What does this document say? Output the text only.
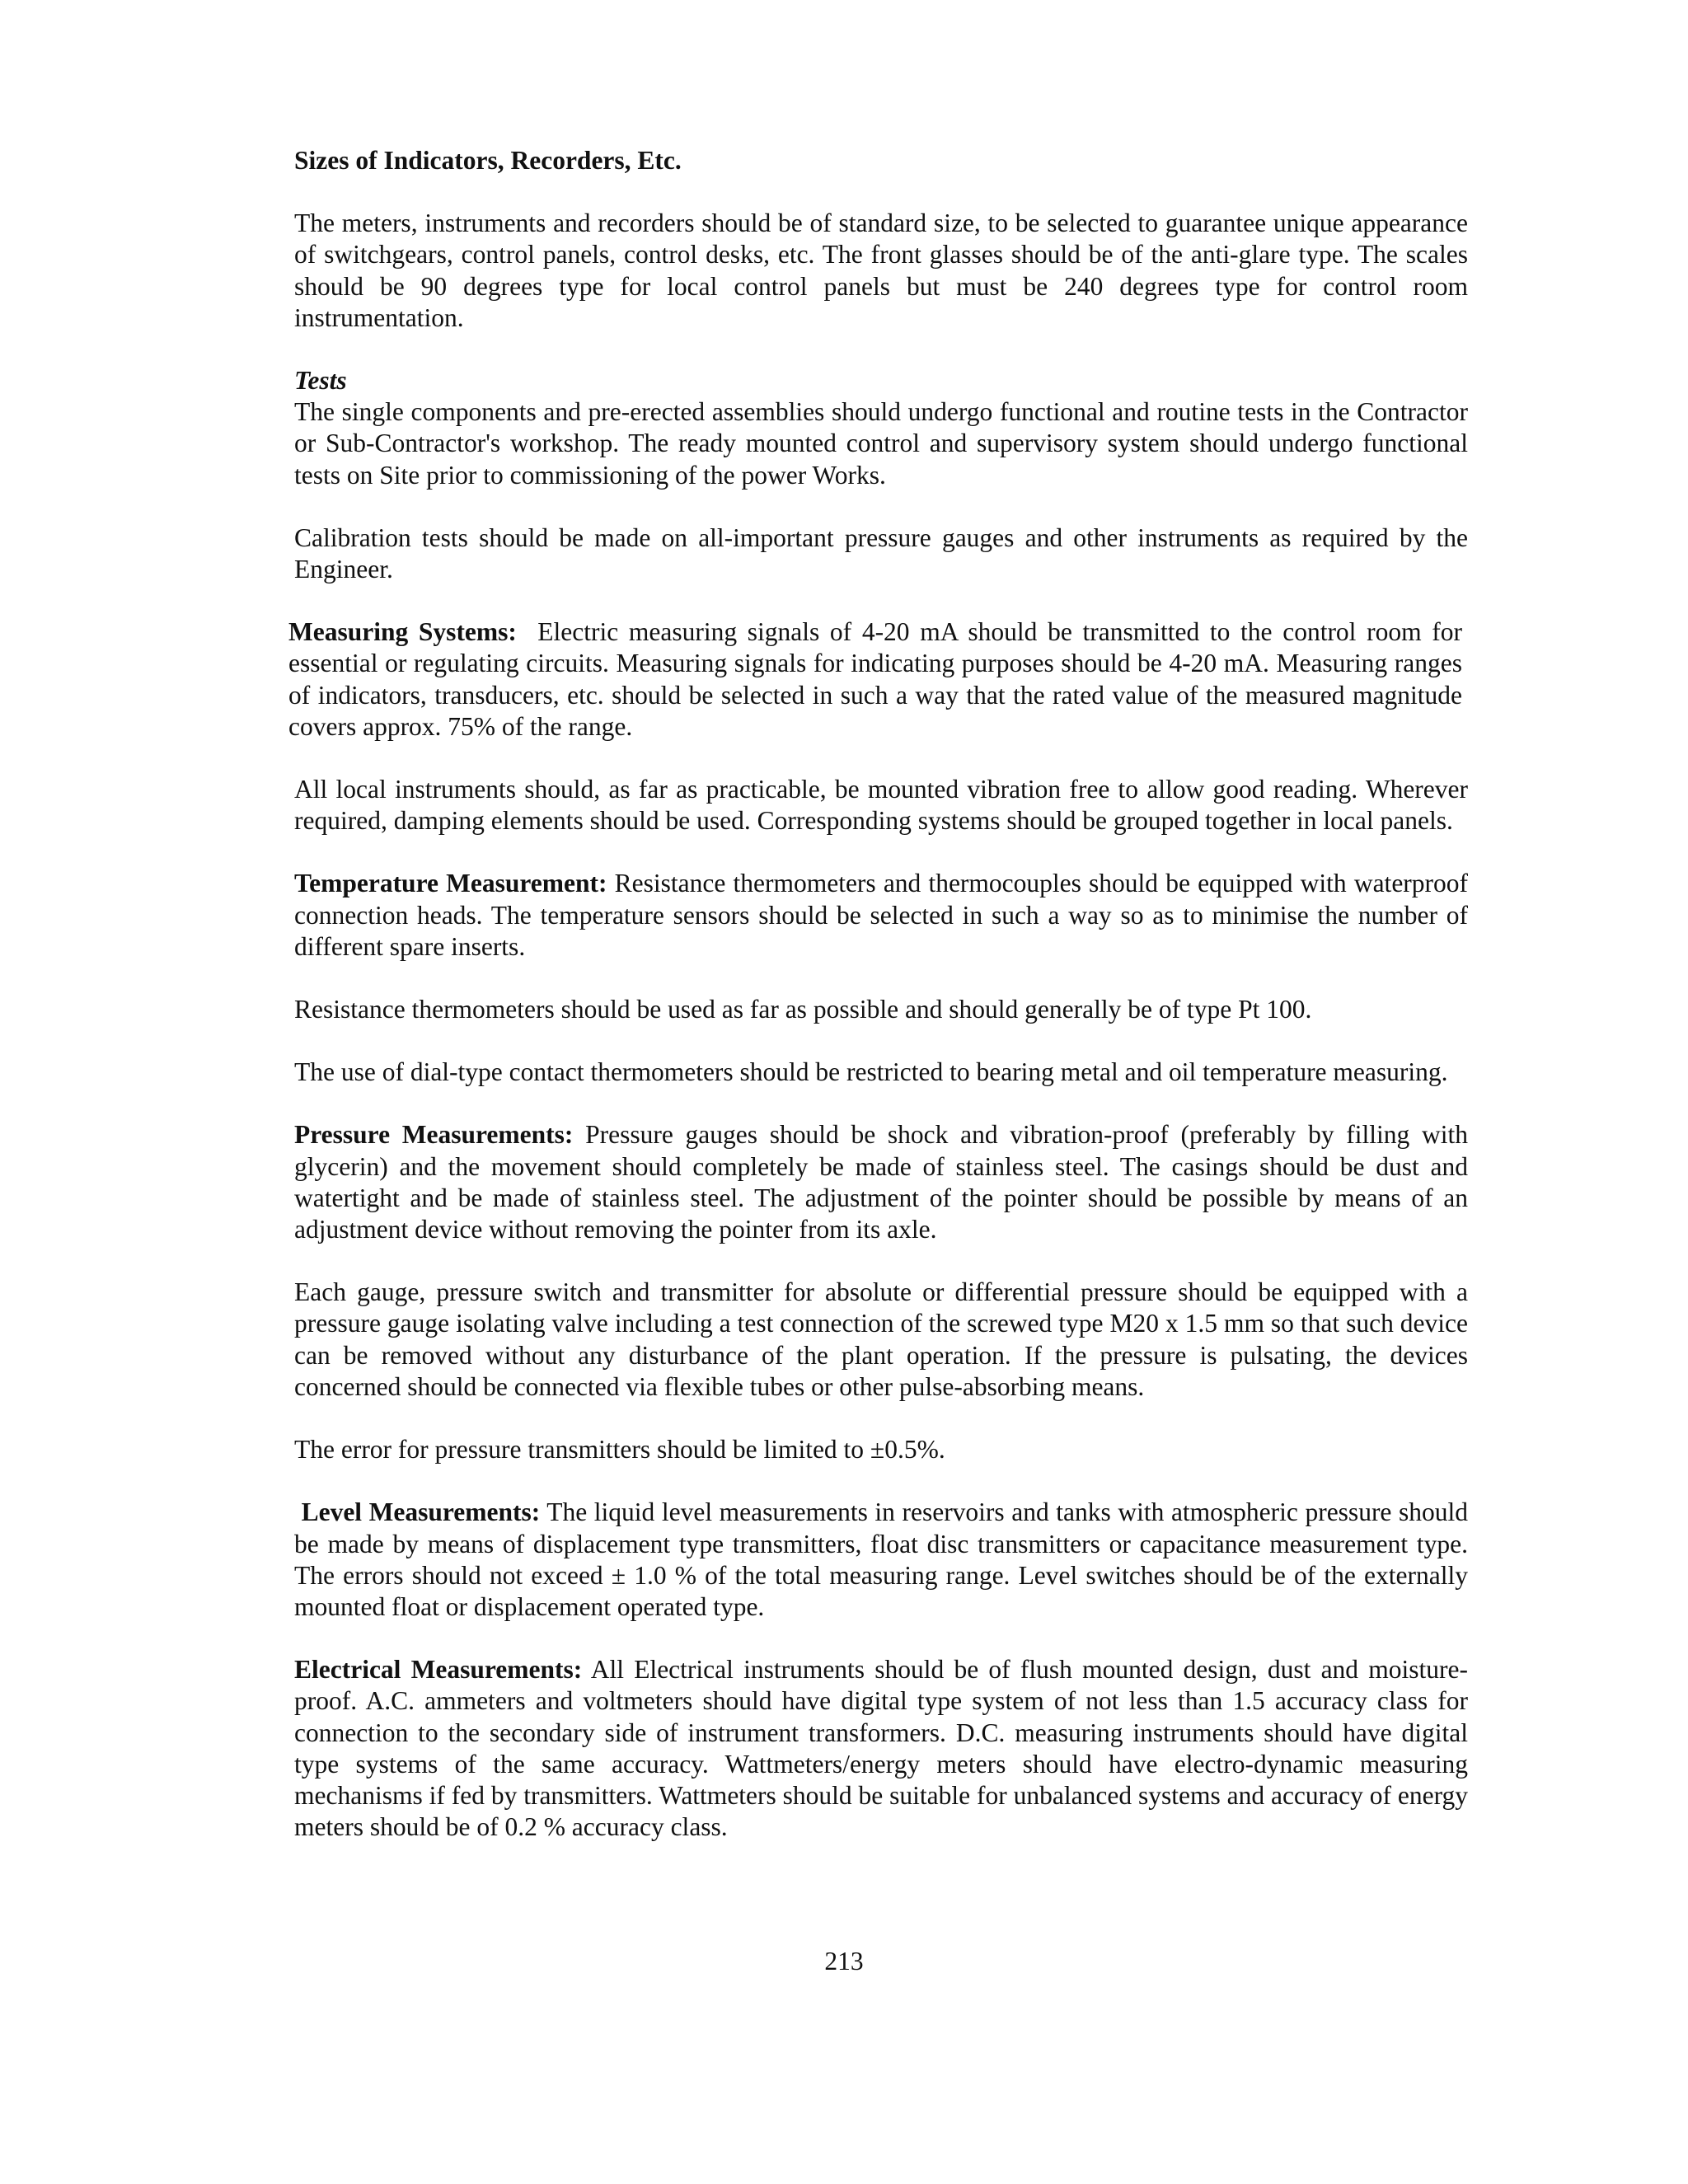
Sizes of Indicators, Recorders, Etc.

The meters, instruments and recorders should be of standard size, to be selected to guarantee unique appearance of switchgears, control panels, control desks, etc. The front glasses should be of the anti-glare type. The scales should be 90 degrees type for local control panels but must be 240 degrees type for control room instrumentation.

Tests

The single components and pre-erected assemblies should undergo functional and routine tests in the Contractor or Sub-Contractor's workshop. The ready mounted control and supervisory system should undergo functional tests on Site prior to commissioning of the power Works.

Calibration tests should be made on all-important pressure gauges and other instruments as required by the Engineer.

Measuring Systems: Electric measuring signals of 4-20 mA should be transmitted to the control room for essential or regulating circuits. Measuring signals for indicating purposes should be 4-20 mA. Measuring ranges of indicators, transducers, etc. should be selected in such a way that the rated value of the measured magnitude covers approx. 75% of the range.

All local instruments should, as far as practicable, be mounted vibration free to allow good reading. Wherever required, damping elements should be used. Corresponding systems should be grouped together in local panels.

Temperature Measurement: Resistance thermometers and thermocouples should be equipped with waterproof connection heads. The temperature sensors should be selected in such a way so as to minimise the number of different spare inserts.

Resistance thermometers should be used as far as possible and should generally be of type Pt 100.

The use of dial-type contact thermometers should be restricted to bearing metal and oil temperature measuring.

Pressure Measurements: Pressure gauges should be shock and vibration-proof (preferably by filling with glycerin) and the movement should completely be made of stainless steel. The casings should be dust and watertight and be made of stainless steel. The adjustment of the pointer should be possible by means of an adjustment device without removing the pointer from its axle.

Each gauge, pressure switch and transmitter for absolute or differential pressure should be equipped with a pressure gauge isolating valve including a test connection of the screwed type M20 x 1.5 mm so that such device can be removed without any disturbance of the plant operation. If the pressure is pulsating, the devices concerned should be connected via flexible tubes or other pulse-absorbing means.

The error for pressure transmitters should be limited to ±0.5%.

Level Measurements: The liquid level measurements in reservoirs and tanks with atmospheric pressure should be made by means of displacement type transmitters, float disc transmitters or capacitance measurement type. The errors should not exceed ± 1.0 % of the total measuring range. Level switches should be of the externally mounted float or displacement operated type.

Electrical Measurements: All Electrical instruments should be of flush mounted design, dust and moisture-proof. A.C. ammeters and voltmeters should have digital type system of not less than 1.5 accuracy class for connection to the secondary side of instrument transformers. D.C. measuring instruments should have digital type systems of the same accuracy. Wattmeters/energy meters should have electro-dynamic measuring mechanisms if fed by transmitters. Wattmeters should be suitable for unbalanced systems and accuracy of energy meters should be of 0.2 % accuracy class.

213
